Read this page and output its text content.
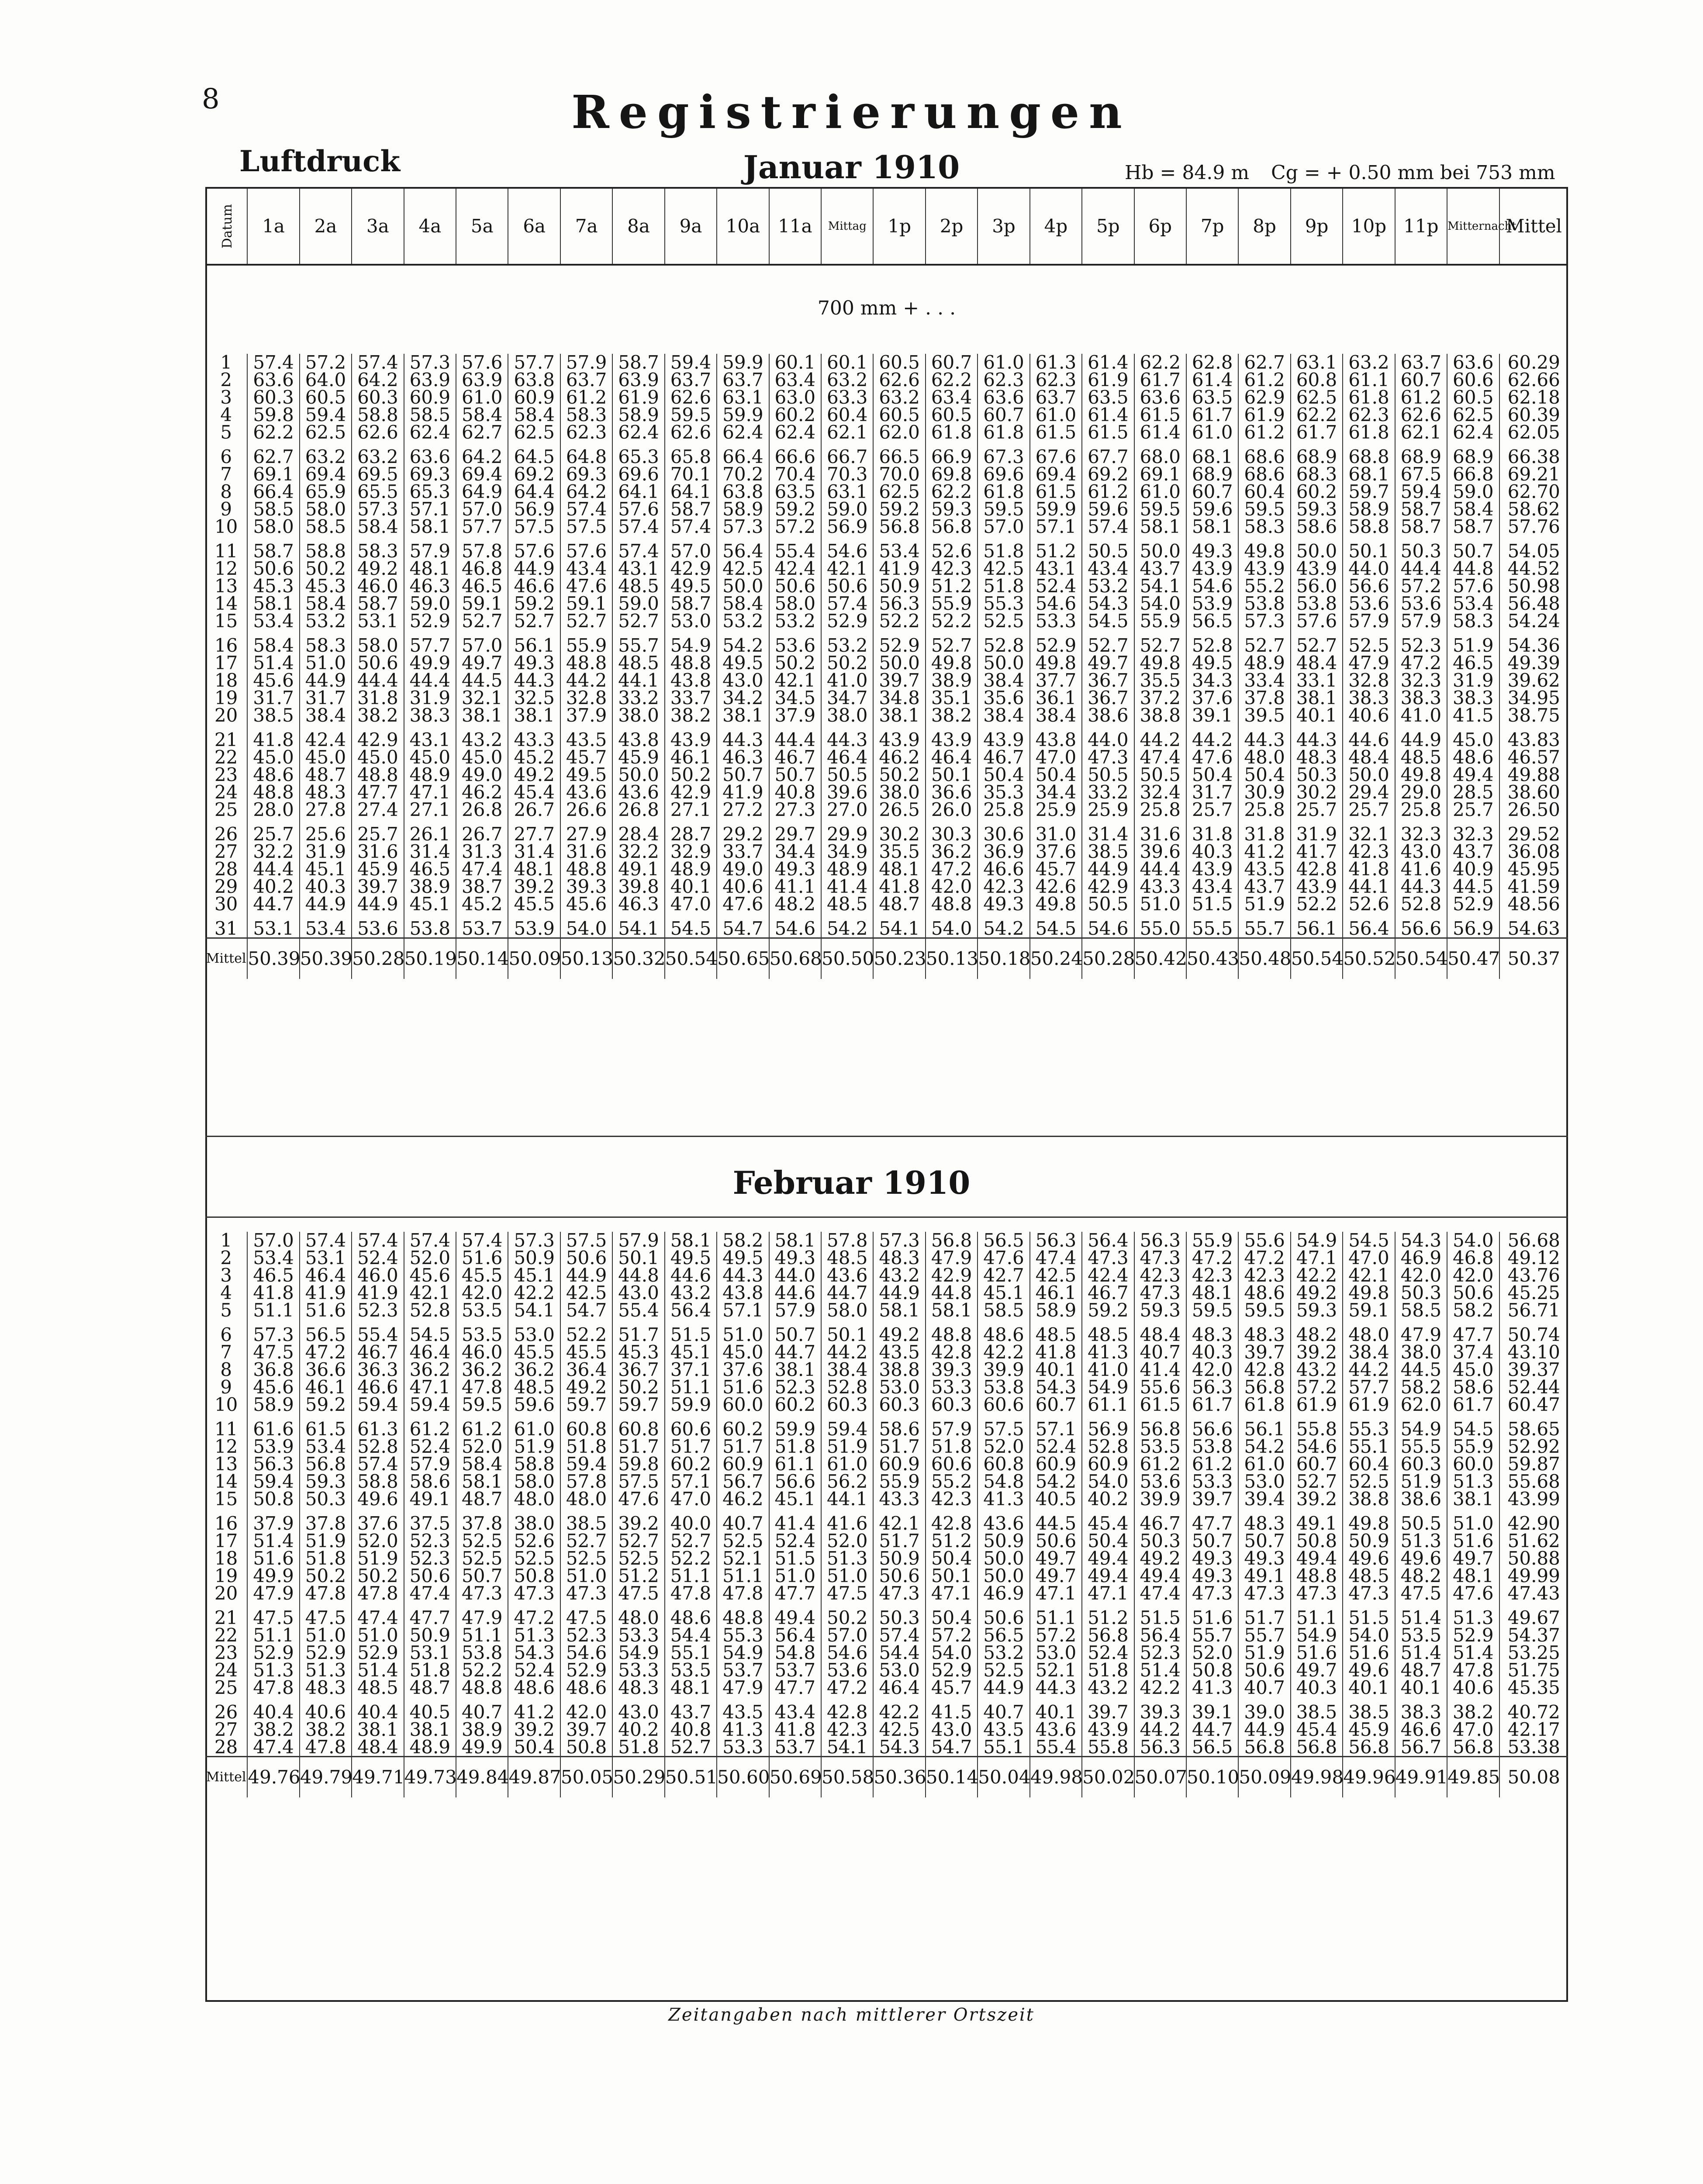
8	Registrierungen
Luftdruck	Januar 1910	Hb = 84.9 m Cg = + 0.50 mm bei 753 mm
Datum	1a	2a	3a	4a	5a	6a	7a	8a	9a	10a	11a	Mittag	1p	2p	3p	4p	5p	6p	7p	8p	9p	10p	11p	Mitternacht	Mittel
700 mm + . . .
1	57.4	57.2	57.4	57.3	57.6	57.7	57.9	58.7	59.4	59.9	60.1	60.1	60.5	60.7	61.0	61.3	61.4	62.2	62.8	62.7	63.1	63.2	63.7	63.6	60.29
2	63.6	64.0	64.2	63.9	63.9	63.8	63.7	63.9	63.7	63.7	63.4	63.2	62.6	62.2	62.3	62.3	61.9	61.7	61.4	61.2	60.8	61.1	60.7	60.6	62.66
3	60.3	60.5	60.3	60.9	61.0	60.9	61.2	61.9	62.6	63.1	63.0	63.3	63.2	63.4	63.6	63.7	63.5	63.6	63.5	62.9	62.5	61.8	61.2	60.5	62.18
4	59.8	59.4	58.8	58.5	58.4	58.4	58.3	58.9	59.5	59.9	60.2	60.4	60.5	60.5	60.7	61.0	61.4	61.5	61.7	61.9	62.2	62.3	62.6	62.5	60.39
5	62.2	62.5	62.6	62.4	62.7	62.5	62.3	62.4	62.6	62.4	62.4	62.1	62.0	61.8	61.8	61.5	61.5	61.4	61.0	61.2	61.7	61.8	62.1	62.4	62.05

6	62.7	63.2	63.2	63.6	64.2	64.5	64.8	65.3	65.8	66.4	66.6	66.7	66.5	66.9	67.3	67.6	67.7	68.0	68.1	68.6	68.9	68.8	68.9	68.9	66.38
7	69.1	69.4	69.5	69.3	69.4	69.2	69.3	69.6	70.1	70.2	70.4	70.3	70.0	69.8	69.6	69.4	69.2	69.1	68.9	68.6	68.3	68.1	67.5	66.8	69.21
8	66.4	65.9	65.5	65.3	64.9	64.4	64.2	64.1	64.1	63.8	63.5	63.1	62.5	62.2	61.8	61.5	61.2	61.0	60.7	60.4	60.2	59.7	59.4	59.0	62.70
9	58.5	58.0	57.3	57.1	57.0	56.9	57.4	57.6	58.7	58.9	59.2	59.0	59.2	59.3	59.5	59.9	59.6	59.5	59.6	59.5	59.3	58.9	58.7	58.4	58.62
10	58.0	58.5	58.4	58.1	57.7	57.5	57.5	57.4	57.4	57.3	57.2	56.9	56.8	56.8	57.0	57.1	57.4	58.1	58.1	58.3	58.6	58.8	58.7	58.7	57.76

11	58.7	58.8	58.3	57.9	57.8	57.6	57.6	57.4	57.0	56.4	55.4	54.6	53.4	52.6	51.8	51.2	50.5	50.0	49.3	49.8	50.0	50.1	50.3	50.7	54.05
12	50.6	50.2	49.2	48.1	46.8	44.9	43.4	43.1	42.9	42.5	42.4	42.1	41.9	42.3	42.5	43.1	43.4	43.7	43.9	43.9	43.9	44.0	44.4	44.8	44.52
13	45.3	45.3	46.0	46.3	46.5	46.6	47.6	48.5	49.5	50.0	50.6	50.6	50.9	51.2	51.8	52.4	53.2	54.1	54.6	55.2	56.0	56.6	57.2	57.6	50.98
14	58.1	58.4	58.7	59.0	59.1	59.2	59.1	59.0	58.7	58.4	58.0	57.4	56.3	55.9	55.3	54.6	54.3	54.0	53.9	53.8	53.8	53.6	53.6	53.4	56.48
15	53.4	53.2	53.1	52.9	52.7	52.7	52.7	52.7	53.0	53.2	53.2	52.9	52.2	52.2	52.5	53.3	54.5	55.9	56.5	57.3	57.6	57.9	57.9	58.3	54.24

16	58.4	58.3	58.0	57.7	57.0	56.1	55.9	55.7	54.9	54.2	53.6	53.2	52.9	52.7	52.8	52.9	52.7	52.7	52.8	52.7	52.7	52.5	52.3	51.9	54.36
17	51.4	51.0	50.6	49.9	49.7	49.3	48.8	48.5	48.8	49.5	50.2	50.2	50.0	49.8	50.0	49.8	49.7	49.8	49.5	48.9	48.4	47.9	47.2	46.5	49.39
18	45.6	44.9	44.4	44.4	44.5	44.3	44.2	44.1	43.8	43.0	42.1	41.0	39.7	38.9	38.4	37.7	36.7	35.5	34.3	33.4	33.1	32.8	32.3	31.9	39.62
19	31.7	31.7	31.8	31.9	32.1	32.5	32.8	33.2	33.7	34.2	34.5	34.7	34.8	35.1	35.6	36.1	36.7	37.2	37.6	37.8	38.1	38.3	38.3	38.3	34.95
20	38.5	38.4	38.2	38.3	38.1	38.1	37.9	38.0	38.2	38.1	37.9	38.0	38.1	38.2	38.4	38.4	38.6	38.8	39.1	39.5	40.1	40.6	41.0	41.5	38.75

21	41.8	42.4	42.9	43.1	43.2	43.3	43.5	43.8	43.9	44.3	44.4	44.3	43.9	43.9	43.9	43.8	44.0	44.2	44.2	44.3	44.3	44.6	44.9	45.0	43.83
22	45.0	45.0	45.0	45.0	45.0	45.2	45.7	45.9	46.1	46.3	46.7	46.4	46.2	46.4	46.7	47.0	47.3	47.4	47.6	48.0	48.3	48.4	48.5	48.6	46.57
23	48.6	48.7	48.8	48.9	49.0	49.2	49.5	50.0	50.2	50.7	50.7	50.5	50.2	50.1	50.4	50.4	50.5	50.5	50.4	50.4	50.3	50.0	49.8	49.4	49.88
24	48.8	48.3	47.7	47.1	46.2	45.4	43.6	43.6	42.9	41.9	40.8	39.6	38.0	36.6	35.3	34.4	33.2	32.4	31.7	30.9	30.2	29.4	29.0	28.5	38.60
25	28.0	27.8	27.4	27.1	26.8	26.7	26.6	26.8	27.1	27.2	27.3	27.0	26.5	26.0	25.8	25.9	25.9	25.8	25.7	25.8	25.7	25.7	25.8	25.7	26.50

26	25.7	25.6	25.7	26.1	26.7	27.7	27.9	28.4	28.7	29.2	29.7	29.9	30.2	30.3	30.6	31.0	31.4	31.6	31.8	31.8	31.9	32.1	32.3	32.3	29.52
27	32.2	31.9	31.6	31.4	31.3	31.4	31.6	32.2	32.9	33.7	34.4	34.9	35.5	36.2	36.9	37.6	38.5	39.6	40.3	41.2	41.7	42.3	43.0	43.7	36.08
28	44.4	45.1	45.9	46.5	47.4	48.1	48.8	49.1	48.9	49.0	49.3	48.9	48.1	47.2	46.6	45.7	44.9	44.4	43.9	43.5	42.8	41.8	41.6	40.9	45.95
29	40.2	40.3	39.7	38.9	38.7	39.2	39.3	39.8	40.1	40.6	41.1	41.4	41.8	42.0	42.3	42.6	42.9	43.3	43.4	43.7	43.9	44.1	44.3	44.5	41.59
30	44.7	44.9	44.9	45.1	45.2	45.5	45.6	46.3	47.0	47.6	48.2	48.5	48.7	48.8	49.3	49.8	50.5	51.0	51.5	51.9	52.2	52.6	52.8	52.9	48.56

31	53.1	53.4	53.6	53.8	53.7	53.9	54.0	54.1	54.5	54.7	54.6	54.2	54.1	54.0	54.2	54.5	54.6	55.0	55.5	55.7	56.1	56.4	56.6	56.9	54.63
Mittel	50.39	50.39	50.28	50.19	50.14	50.09	50.13	50.32	50.54	50.65	50.68	50.50	50.23	50.13	50.18	50.24	50.28	50.42	50.43	50.48	50.54	50.52	50.54	50.47	50.37
Februar 1910
1	57.0	57.4	57.4	57.4	57.4	57.3	57.5	57.9	58.1	58.2	58.1	57.8	57.3	56.8	56.5	56.3	56.4	56.3	55.9	55.6	54.9	54.5	54.3	54.0	56.68
2	53.4	53.1	52.4	52.0	51.6	50.9	50.6	50.1	49.5	49.5	49.3	48.5	48.3	47.9	47.6	47.4	47.3	47.3	47.2	47.2	47.1	47.0	46.9	46.8	49.12
3	46.5	46.4	46.0	45.6	45.5	45.1	44.9	44.8	44.6	44.3	44.0	43.6	43.2	42.9	42.7	42.5	42.4	42.3	42.3	42.3	42.2	42.1	42.0	42.0	43.76
4	41.8	41.9	41.9	42.1	42.0	42.2	42.5	43.0	43.2	43.8	44.6	44.7	44.9	44.8	45.1	46.1	46.7	47.3	48.1	48.6	49.2	49.8	50.3	50.6	45.25
5	51.1	51.6	52.3	52.8	53.5	54.1	54.7	55.4	56.4	57.1	57.9	58.0	58.1	58.1	58.5	58.9	59.2	59.3	59.5	59.5	59.3	59.1	58.5	58.2	56.71

6	57.3	56.5	55.4	54.5	53.5	53.0	52.2	51.7	51.5	51.0	50.7	50.1	49.2	48.8	48.6	48.5	48.5	48.4	48.3	48.3	48.2	48.0	47.9	47.7	50.74
7	47.5	47.2	46.7	46.4	46.0	45.5	45.5	45.3	45.1	45.0	44.7	44.2	43.5	42.8	42.2	41.8	41.3	40.7	40.3	39.7	39.2	38.4	38.0	37.4	43.10
8	36.8	36.6	36.3	36.2	36.2	36.2	36.4	36.7	37.1	37.6	38.1	38.4	38.8	39.3	39.9	40.1	41.0	41.4	42.0	42.8	43.2	44.2	44.5	45.0	39.37
9	45.6	46.1	46.6	47.1	47.8	48.5	49.2	50.2	51.1	51.6	52.3	52.8	53.0	53.3	53.8	54.3	54.9	55.6	56.3	56.8	57.2	57.7	58.2	58.6	52.44
10	58.9	59.2	59.4	59.4	59.5	59.6	59.7	59.7	59.9	60.0	60.2	60.3	60.3	60.3	60.6	60.7	61.1	61.5	61.7	61.8	61.9	61.9	62.0	61.7	60.47

11	61.6	61.5	61.3	61.2	61.2	61.0	60.8	60.8	60.6	60.2	59.9	59.4	58.6	57.9	57.5	57.1	56.9	56.8	56.6	56.1	55.8	55.3	54.9	54.5	58.65
12	53.9	53.4	52.8	52.4	52.0	51.9	51.8	51.7	51.7	51.7	51.8	51.9	51.7	51.8	52.0	52.4	52.8	53.5	53.8	54.2	54.6	55.1	55.5	55.9	52.92
13	56.3	56.8	57.4	57.9	58.4	58.8	59.4	59.8	60.2	60.9	61.1	61.0	60.9	60.6	60.8	60.9	60.9	61.2	61.2	61.0	60.7	60.4	60.3	60.0	59.87
14	59.4	59.3	58.8	58.6	58.1	58.0	57.8	57.5	57.1	56.7	56.6	56.2	55.9	55.2	54.8	54.2	54.0	53.6	53.3	53.0	52.7	52.5	51.9	51.3	55.68
15	50.8	50.3	49.6	49.1	48.7	48.0	48.0	47.6	47.0	46.2	45.1	44.1	43.3	42.3	41.3	40.5	40.2	39.9	39.7	39.4	39.2	38.8	38.6	38.1	43.99

16	37.9	37.8	37.6	37.5	37.8	38.0	38.5	39.2	40.0	40.7	41.4	41.6	42.1	42.8	43.6	44.5	45.4	46.7	47.7	48.3	49.1	49.8	50.5	51.0	42.90
17	51.4	51.9	52.0	52.3	52.5	52.6	52.7	52.7	52.7	52.5	52.4	52.0	51.7	51.2	50.9	50.6	50.4	50.3	50.7	50.7	50.8	50.9	51.3	51.6	51.62
18	51.6	51.8	51.9	52.3	52.5	52.5	52.5	52.5	52.2	52.1	51.5	51.3	50.9	50.4	50.0	49.7	49.4	49.2	49.3	49.3	49.4	49.6	49.6	49.7	50.88
19	49.9	50.2	50.2	50.6	50.7	50.8	51.0	51.2	51.1	51.1	51.0	51.0	50.6	50.1	50.0	49.7	49.4	49.4	49.3	49.1	48.8	48.5	48.2	48.1	49.99
20	47.9	47.8	47.8	47.4	47.3	47.3	47.3	47.5	47.8	47.8	47.7	47.5	47.3	47.1	46.9	47.1	47.1	47.4	47.3	47.3	47.3	47.3	47.5	47.6	47.43

21	47.5	47.5	47.4	47.7	47.9	47.2	47.5	48.0	48.6	48.8	49.4	50.2	50.3	50.4	50.6	51.1	51.2	51.5	51.6	51.7	51.1	51.5	51.4	51.3	49.67
22	51.1	51.0	51.0	50.9	51.1	51.3	52.3	53.3	54.4	55.3	56.4	57.0	57.4	57.2	56.5	57.2	56.8	56.4	55.7	55.7	54.9	54.0	53.5	52.9	54.37
23	52.9	52.9	52.9	53.1	53.8	54.3	54.6	54.9	55.1	54.9	54.8	54.6	54.4	54.0	53.2	53.0	52.4	52.3	52.0	51.9	51.6	51.6	51.4	51.4	53.25
24	51.3	51.3	51.4	51.8	52.2	52.4	52.9	53.3	53.5	53.7	53.7	53.6	53.0	52.9	52.5	52.1	51.8	51.4	50.8	50.6	49.7	49.6	48.7	47.8	51.75
25	47.8	48.3	48.5	48.7	48.8	48.6	48.6	48.3	48.1	47.9	47.7	47.2	46.4	45.7	44.9	44.3	43.2	42.2	41.3	40.7	40.3	40.1	40.1	40.6	45.35

26	40.4	40.6	40.4	40.5	40.7	41.2	42.0	43.0	43.7	43.5	43.4	42.8	42.2	41.5	40.7	40.1	39.7	39.3	39.1	39.0	38.5	38.5	38.3	38.2	40.72
27	38.2	38.2	38.1	38.1	38.9	39.2	39.7	40.2	40.8	41.3	41.8	42.3	42.5	43.0	43.5	43.6	43.9	44.2	44.7	44.9	45.4	45.9	46.6	47.0	42.17
28	47.4	47.8	48.4	48.9	49.9	50.4	50.8	51.8	52.7	53.3	53.7	54.1	54.3	54.7	55.1	55.4	55.8	56.3	56.5	56.8	56.8	56.8	56.7	56.8	53.38
Mittel	49.76	49.79	49.71	49.73	49.84	49.87	50.05	50.29	50.51	50.60	50.69	50.58	50.36	50.14	50.04	49.98	50.02	50.07	50.10	50.09	49.98	49.96	49.91	49.85	50.08
Zeitangaben nach mittlerer Ortszeit
